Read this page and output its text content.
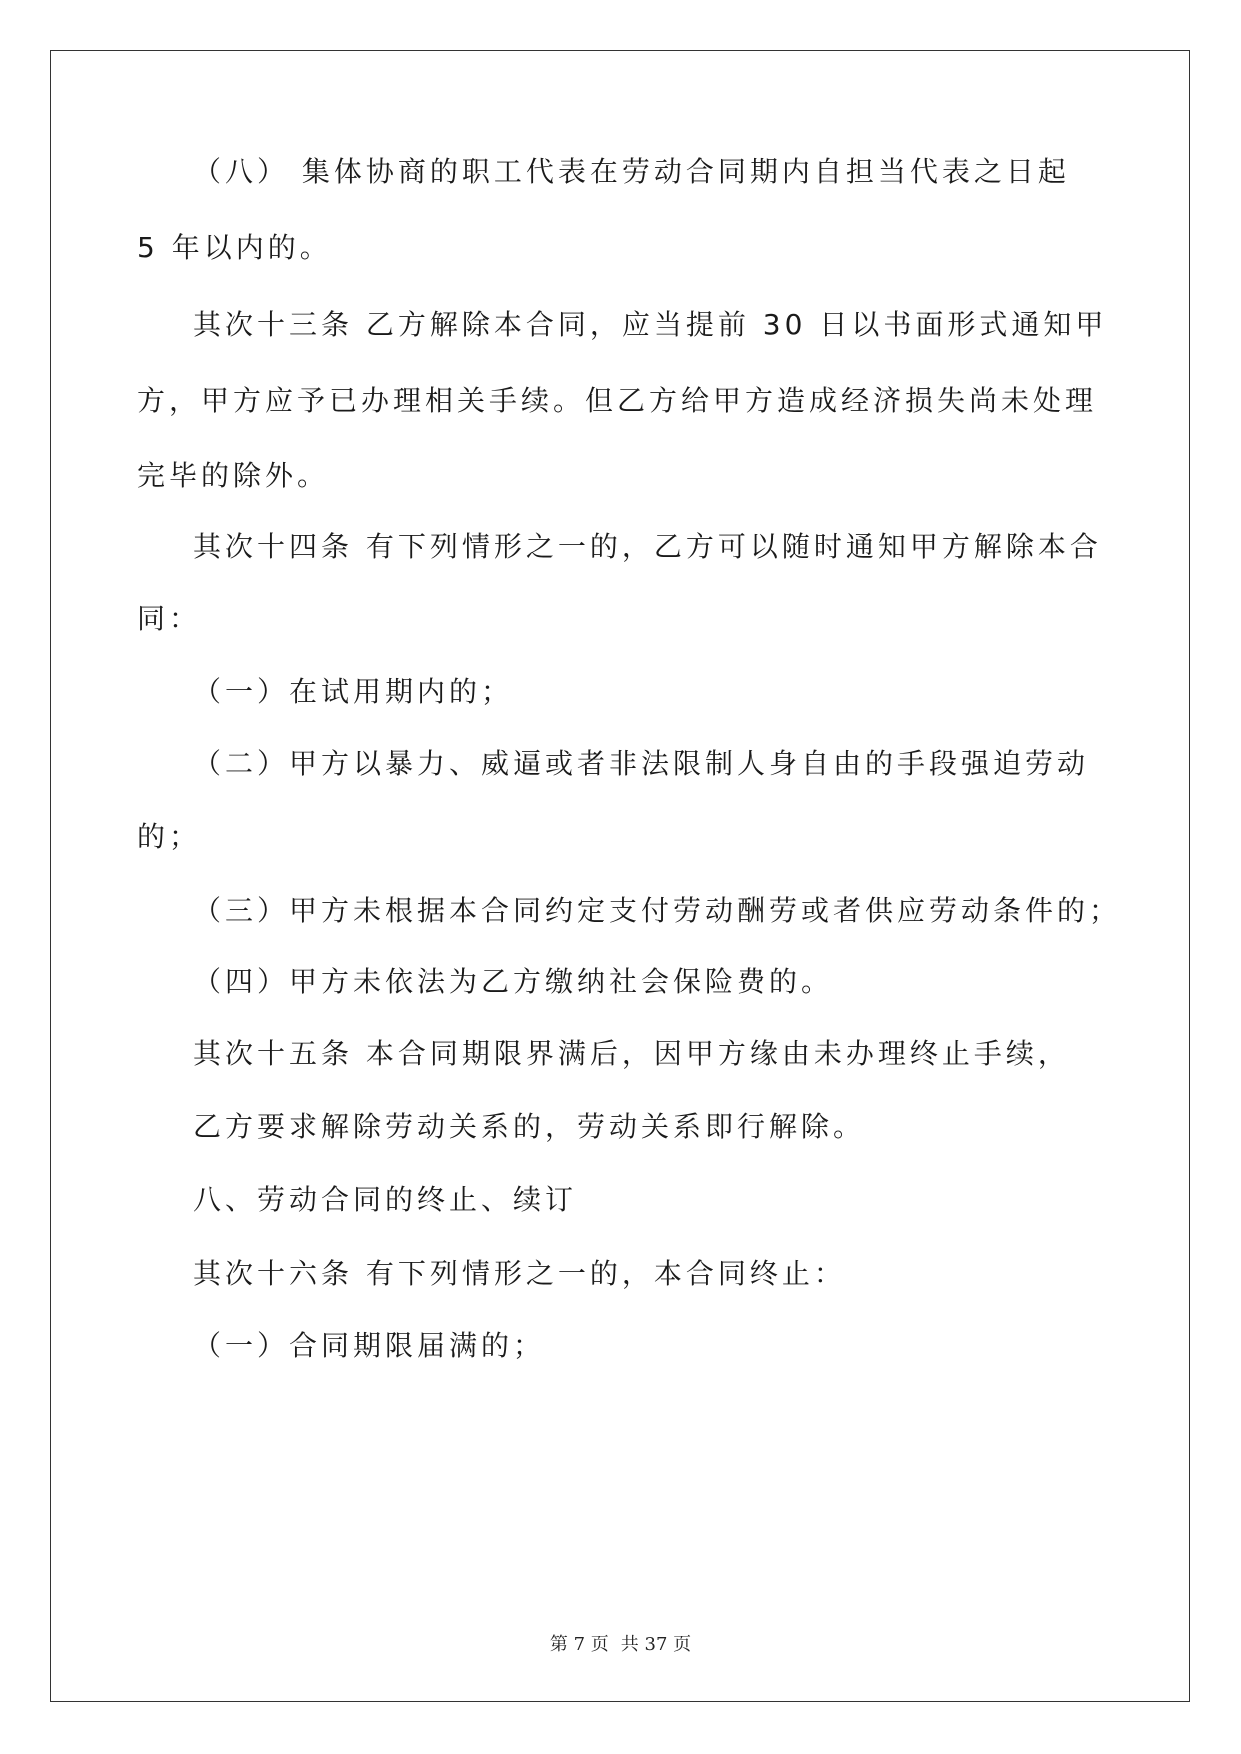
（八） 集体协商的职工代表在劳动合同期内自担当代表之日起

5 年以内的。

其次十三条 乙方解除本合同，应当提前 30 日以书面形式通知甲

方，甲方应予已办理相关手续。但乙方给甲方造成经济损失尚未处理

完毕的除外。

其次十四条 有下列情形之一的，乙方可以随时通知甲方解除本合

同：

（一）在试用期内的；

（二）甲方以暴力、威逼或者非法限制人身自由的手段强迫劳动

的；

（三）甲方未根据本合同约定支付劳动酬劳或者供应劳动条件的；

（四）甲方未依法为乙方缴纳社会保险费的。

其次十五条 本合同期限界满后，因甲方缘由未办理终止手续，

乙方要求解除劳动关系的，劳动关系即行解除。

八、劳动合同的终止、续订

其次十六条 有下列情形之一的，本合同终止：

（一）合同期限届满的；

第 7 页 共 37 页
